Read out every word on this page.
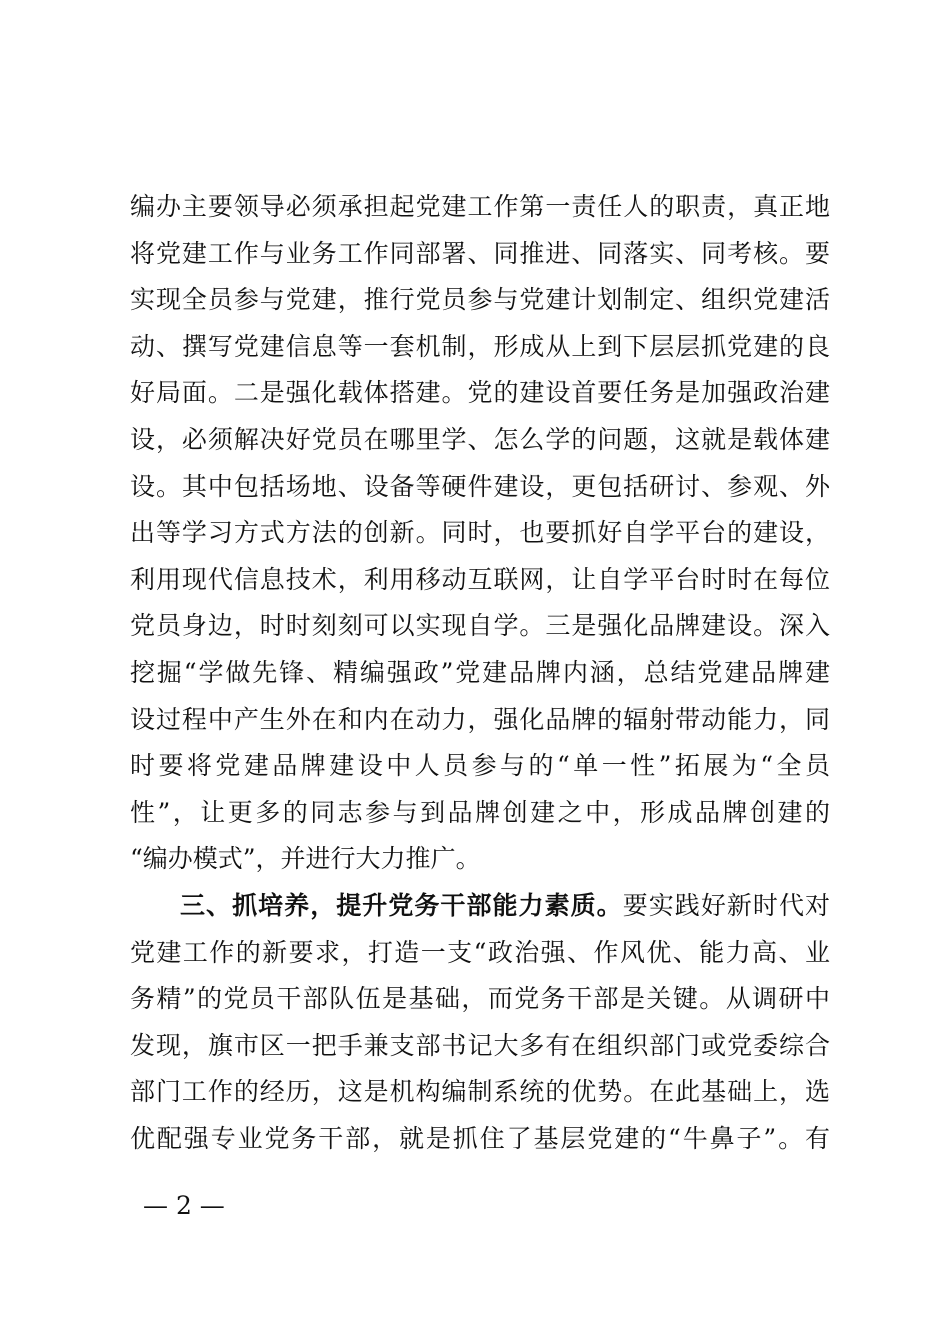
编办主要领导必须承担起党建工作第一责任人的职责，真正地
将党建工作与业务工作同部署、同推进、同落实、同考核。要
实现全员参与党建，推行党员参与党建计划制定、组织党建活
动、撰写党建信息等一套机制，形成从上到下层层抓党建的良
好局面。二是强化载体搭建。党的建设首要任务是加强政治建
设，必须解决好党员在哪里学、怎么学的问题，这就是载体建
设。其中包括场地、设备等硬件建设，更包括研讨、参观、外
出等学习方式方法的创新。同时，也要抓好自学平台的建设，
利用现代信息技术，利用移动互联网，让自学平台时时在每位
党员身边，时时刻刻可以实现自学。三是强化品牌建设。深入
挖掘“学做先锋、精编强政”党建品牌内涵，总结党建品牌建
设过程中产生外在和内在动力，强化品牌的辐射带动能力，同
时要将党建品牌建设中人员参与的“单一性”拓展为“全员
性”，让更多的同志参与到品牌创建之中，形成品牌创建的
“编办模式”，并进行大力推广。
三、抓培养，提升党务干部能力素质。要实践好新时代对
党建工作的新要求，打造一支“政治强、作风优、能力高、业
务精”的党员干部队伍是基础，而党务干部是关键。从调研中
发现，旗市区一把手兼支部书记大多有在组织部门或党委综合
部门工作的经历，这是机构编制系统的优势。在此基础上，选
优配强专业党务干部，就是抓住了基层党建的“牛鼻子”。有
— 2 —
